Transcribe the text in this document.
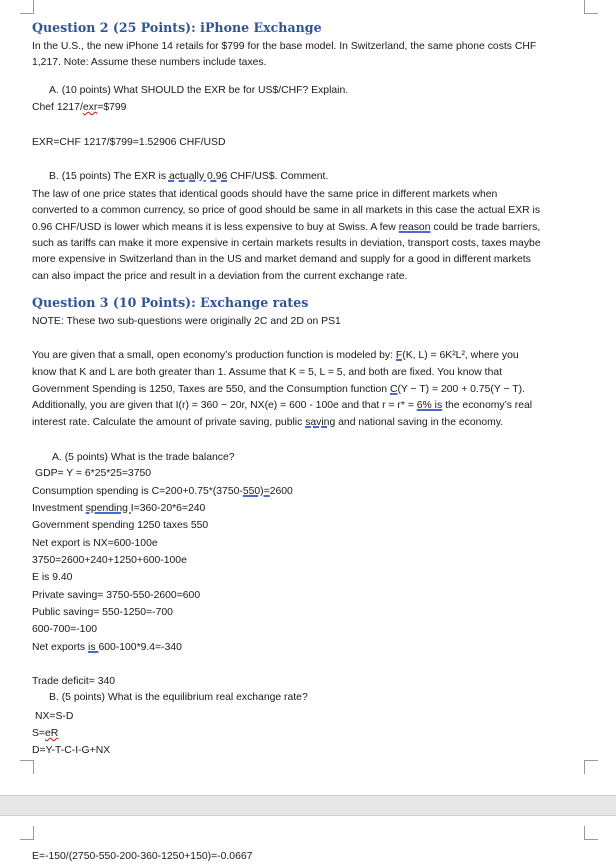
Question 2 (25 Points): iPhone Exchange
In the U.S., the new iPhone 14 retails for $799 for the base model. In Switzerland, the same phone costs CHF
1,217. Note: Assume these numbers include taxes.
A. (10 points) What SHOULD the EXR be for US$/CHF? Explain.
Chef 1217/exr=$799
EXR=CHF 1217/$799=1.52906 CHF/USD
B. (15 points) The EXR is actually 0.96 CHF/US$. Comment.
The law of one price states that identical goods should have the same price in different markets when
converted to a common currency, so price of good should be same in all markets in this case the actual EXR is
0.96 CHF/USD is lower which means it is less expensive to buy at Swiss. A few reason could be trade barriers,
such as tariffs can make it more expensive in certain markets results in deviation, transport costs, taxes maybe
more expensive in Switzerland than in the US and market demand and supply for a good in different markets
can also impact the price and result in a deviation from the current exchange rate.
Question 3 (10 Points): Exchange rates
NOTE: These two sub-questions were originally 2C and 2D on PS1
You are given that a small, open economy’s production function is modeled by: F(K, L) = 6K²L², where you
know that K and L are both greater than 1. Assume that K = 5, L = 5, and both are fixed. You know that
Government Spending is 1250, Taxes are 550, and the Consumption function C(Y − T) = 200 + 0.75(Y − T).
Additionally, you are given that I(r) = 360 − 20r, NX(e) = 600 - 100e and that r = r* = 6% is the economy’s real
interest rate. Calculate the amount of private saving, public saving and national saving in the economy.
A. (5 points) What is the trade balance?
GDP= Y = 6*25*25=3750
Consumption spending is C=200+0.75*(3750-550)=2600
Investment spending I=360-20*6=240
Government spending 1250 taxes 550
Net export is NX=600-100e
3750=2600+240+1250+600-100e
E is 9.40
Private saving= 3750-550-2600=600
Public saving= 550-1250=-700
600-700=-100
Net exports is 600-100*9.4=-340
Trade deficit= 340
B. (5 points) What is the equilibrium real exchange rate?
NX=S-D
S=eR
D=Y-T-C-I-G+NX
E=-150/(2750-550-200-360-1250+150)=-0.0667
